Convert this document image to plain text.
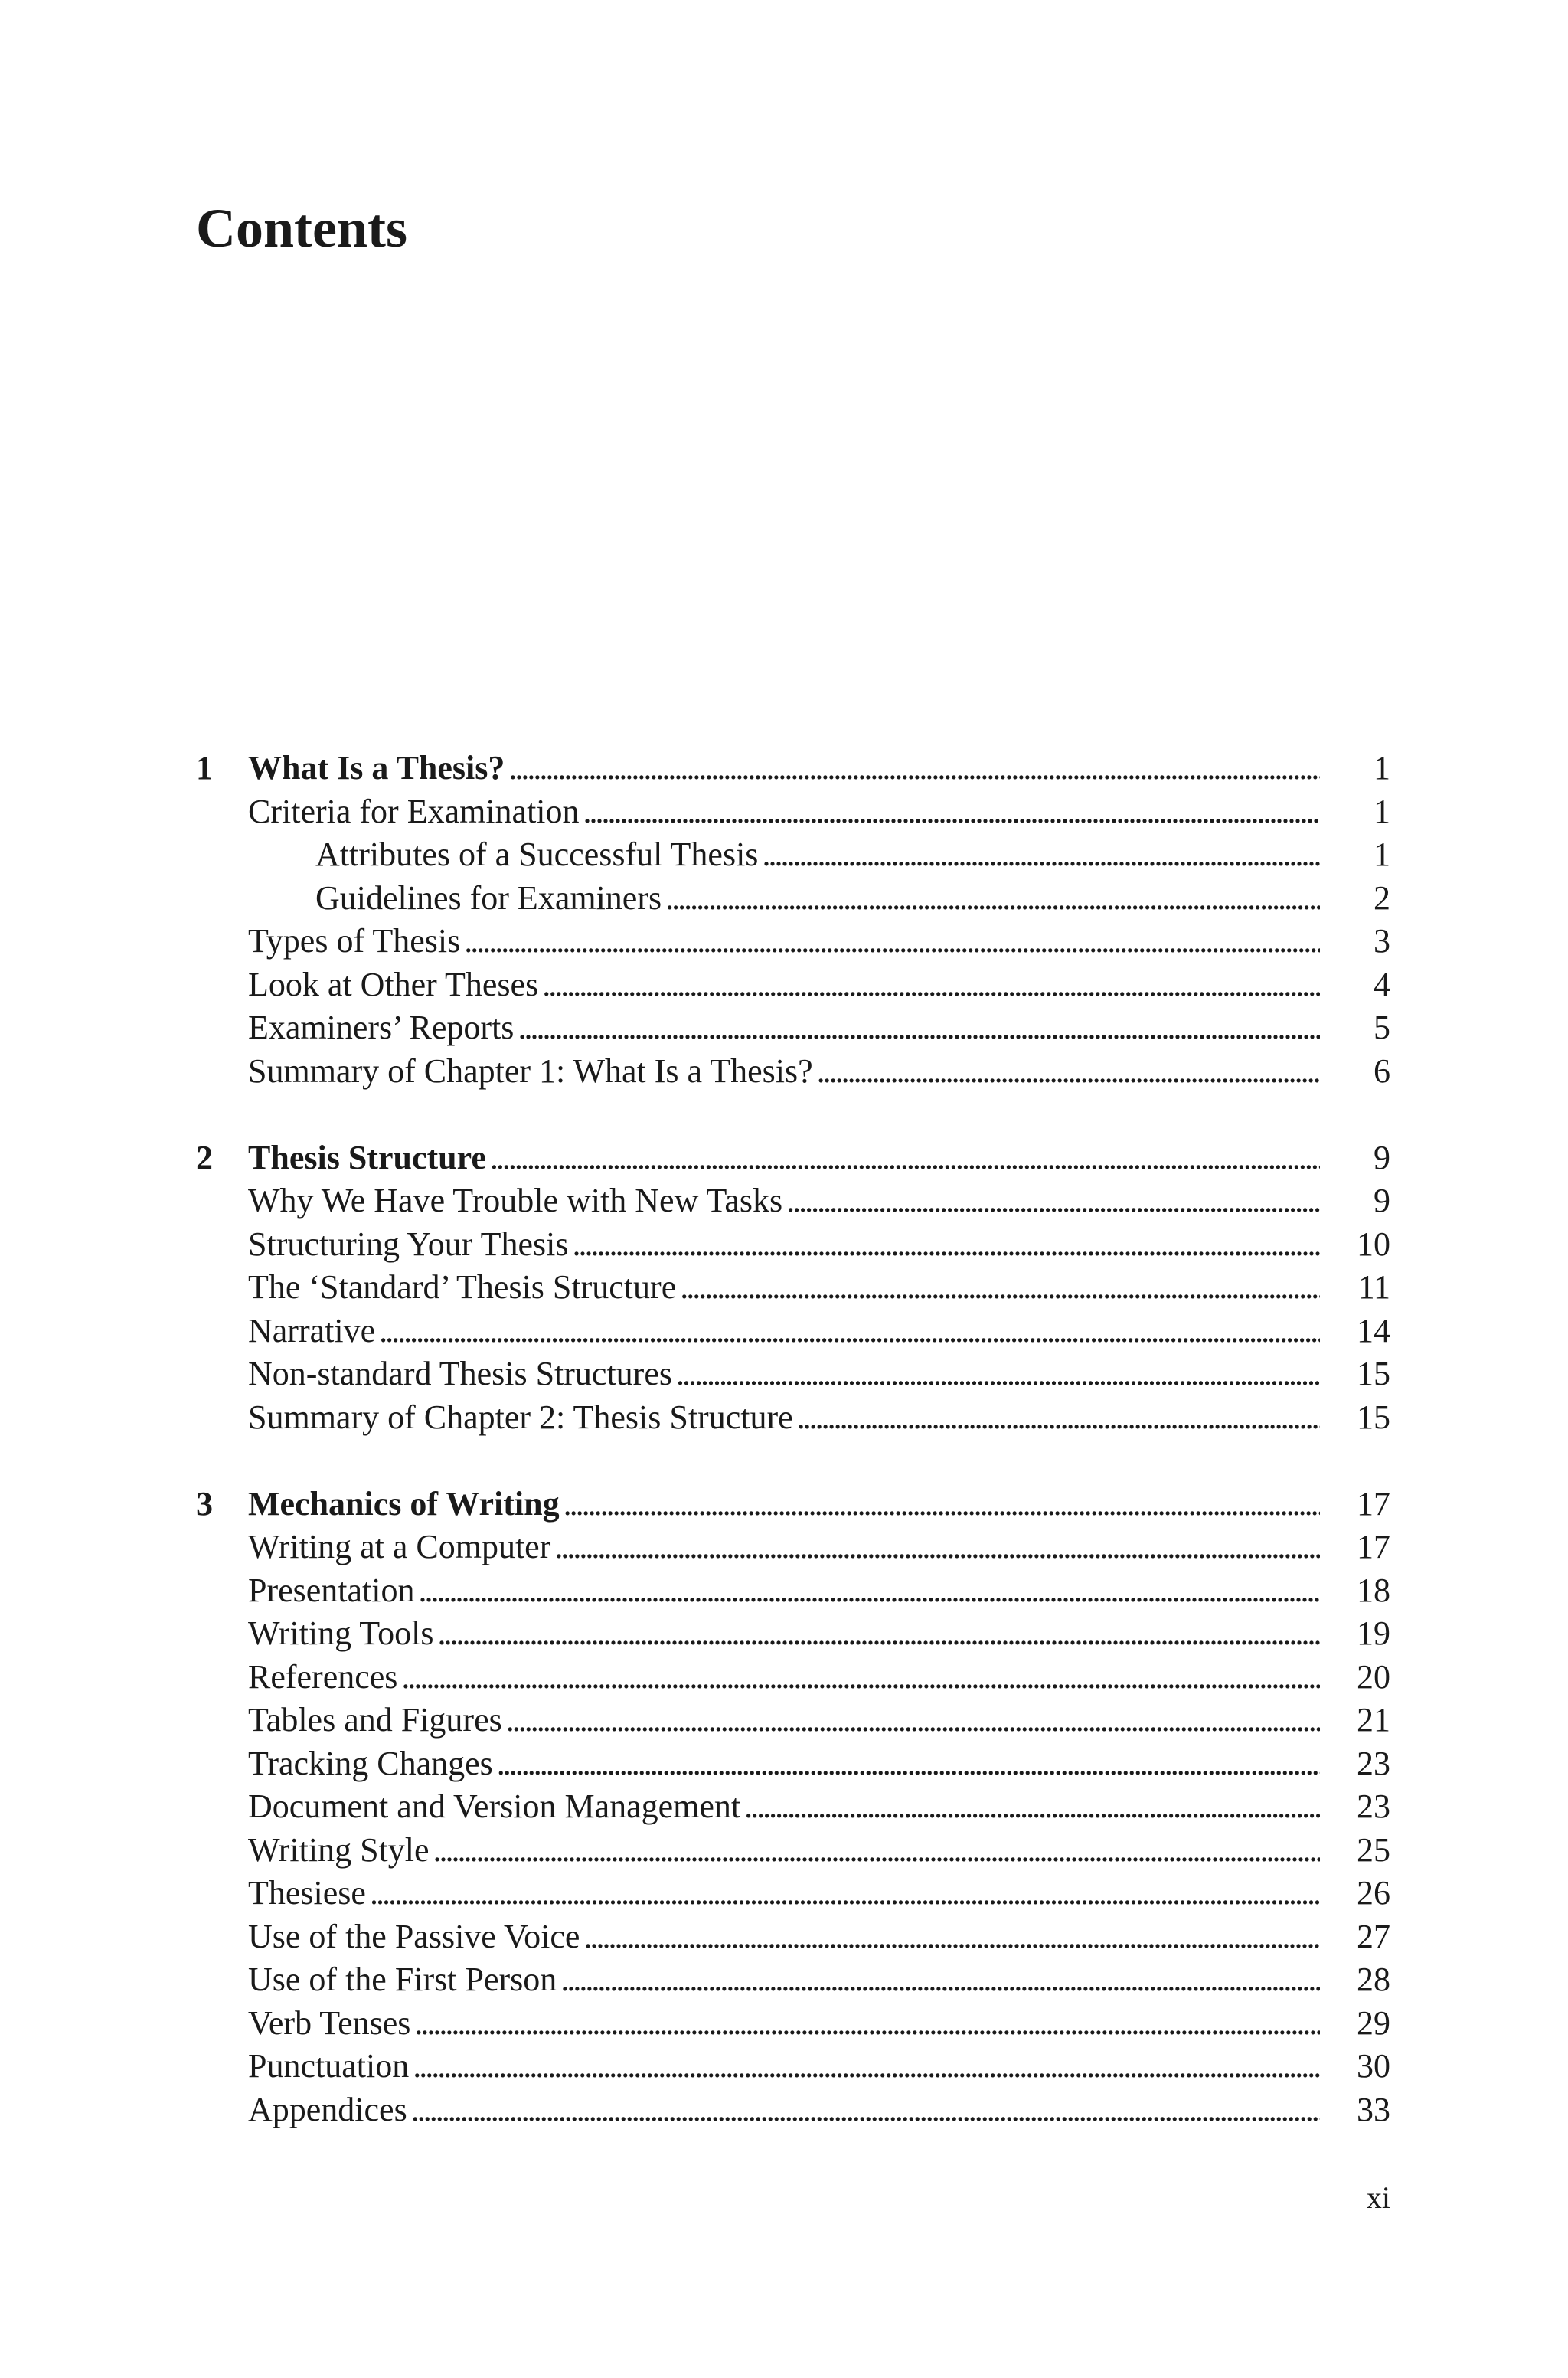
Contents
1	What Is a Thesis? . . .	1
Criteria for Examination . . .	1
Attributes of a Successful Thesis . . .	1
Guidelines for Examiners . . .	2
Types of Thesis . . .	3
Look at Other Theses . . .	4
Examiners’ Reports . . .	5
Summary of Chapter 1: What Is a Thesis? . . .	6
2	Thesis Structure . . .	9
Why We Have Trouble with New Tasks . . .	9
Structuring Your Thesis . . .	10
The ‘Standard’ Thesis Structure . . .	11
Narrative . . .	14
Non-standard Thesis Structures . . .	15
Summary of Chapter 2: Thesis Structure . . .	15
3	Mechanics of Writing . . .	17
Writing at a Computer . . .	17
Presentation . . .	18
Writing Tools . . .	19
References . . .	20
Tables and Figures . . .	21
Tracking Changes . . .	23
Document and Version Management . . .	23
Writing Style . . .	25
Thesiese . . .	26
Use of the Passive Voice . . .	27
Use of the First Person . . .	28
Verb Tenses . . .	29
Punctuation . . .	30
Appendices . . .	33
xi
